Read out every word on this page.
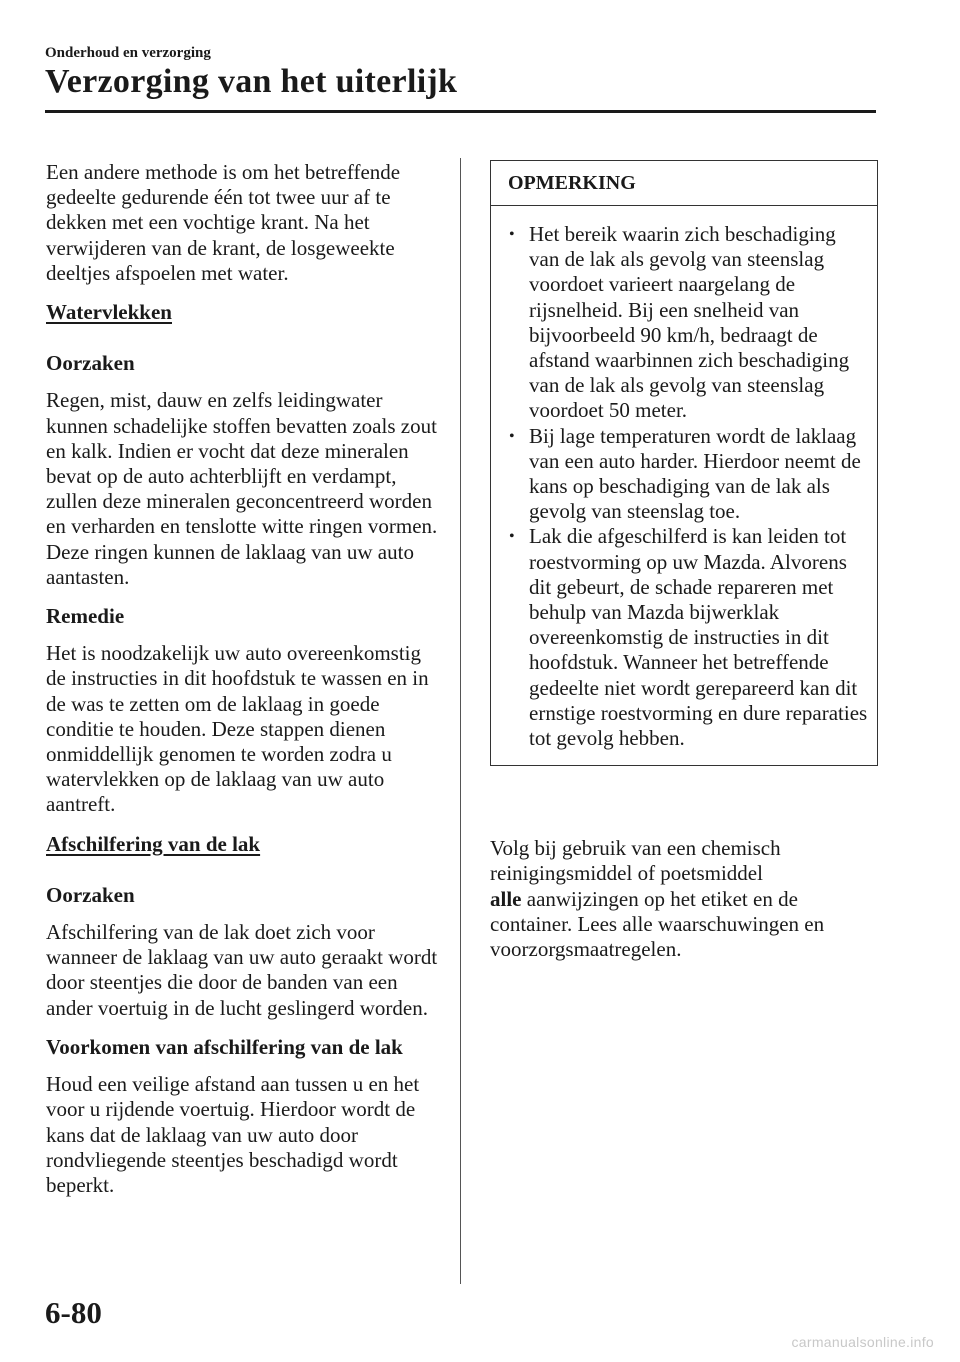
Onderhoud en verzorging
Verzorging van het uiterlijk

Een andere methode is om het betreffende gedeelte gedurende één tot twee uur af te dekken met een vochtige krant. Na het verwijderen van de krant, de losgeweekte deeltjes afspoelen met water.

Watervlekken

Oorzaken

Regen, mist, dauw en zelfs leidingwater kunnen schadelijke stoffen bevatten zoals zout en kalk. Indien er vocht dat deze mineralen bevat op de auto achterblijft en verdampt, zullen deze mineralen geconcentreerd worden en verharden en tenslotte witte ringen vormen. Deze ringen kunnen de laklaag van uw auto aantasten.

Remedie

Het is noodzakelijk uw auto overeenkomstig de instructies in dit hoofdstuk te wassen en in de was te zetten om de laklaag in goede conditie te houden. Deze stappen dienen onmiddellijk genomen te worden zodra u watervlekken op de laklaag van uw auto aantreft.

Afschilfering van de lak

Oorzaken

Afschilfering van de lak doet zich voor wanneer de laklaag van uw auto geraakt wordt door steentjes die door de banden van een ander voertuig in de lucht geslingerd worden.

Voorkomen van afschilfering van de lak

Houd een veilige afstand aan tussen u en het voor u rijdende voertuig. Hierdoor wordt de kans dat de laklaag van uw auto door rondvliegende steentjes beschadigd wordt beperkt.

OPMERKING
• Het bereik waarin zich beschadiging van de lak als gevolg van steenslag voordoet varieert naargelang de rijsnelheid. Bij een snelheid van bijvoorbeeld 90 km/h, bedraagt de afstand waarbinnen zich beschadiging van de lak als gevolg van steenslag voordoet 50 meter.
• Bij lage temperaturen wordt de laklaag van een auto harder. Hierdoor neemt de kans op beschadiging van de lak als gevolg van steenslag toe.
• Lak die afgeschilferd is kan leiden tot roestvorming op uw Mazda. Alvorens dit gebeurt, de schade repareren met behulp van Mazda bijwerklak overeenkomstig de instructies in dit hoofdstuk. Wanneer het betreffende gedeelte niet wordt gerepareerd kan dit ernstige roestvorming en dure reparaties tot gevolg hebben.

Volg bij gebruik van een chemisch reinigingsmiddel of poetsmiddel
alle aanwijzingen op het etiket en de container. Lees alle waarschuwingen en voorzorgsmaatregelen.

6-80
carmanualsonline.info
